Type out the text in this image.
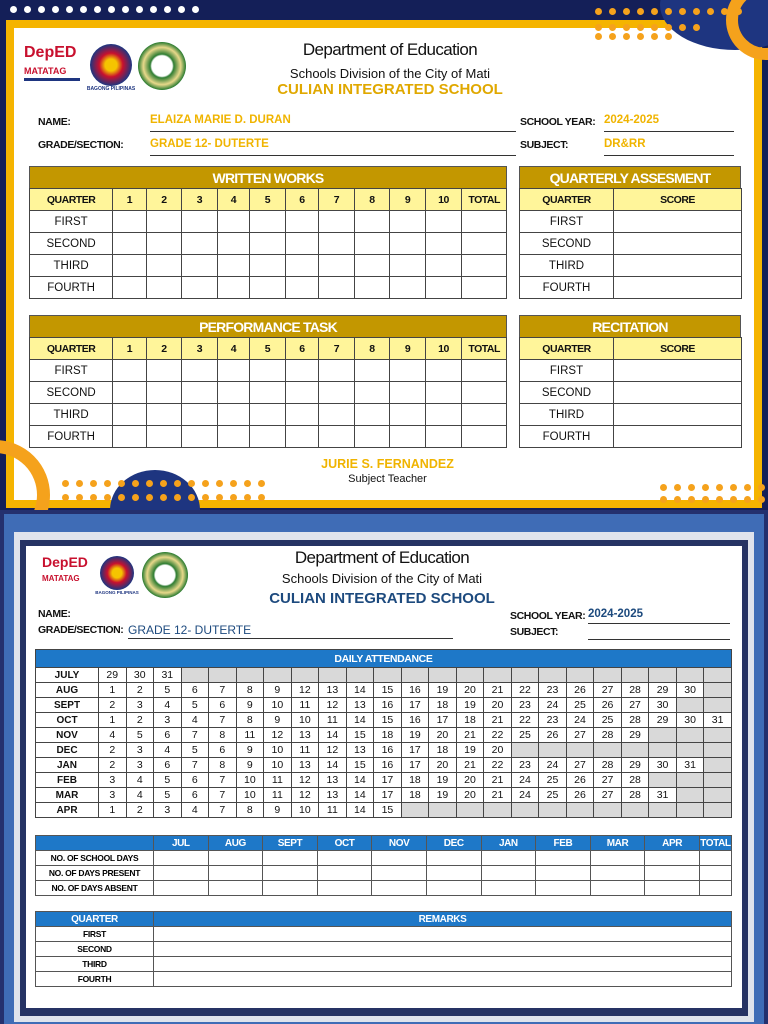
DepED
MATATAG
BAGONG PILIPINAS
Department of Education
Schools Division of the City of Mati
CULIAN INTEGRATED SCHOOL
NAME:	ELAIZA MARIE D. DURAN
GRADE/SECTION: GRADE 12- DUTERTE
SCHOOL YEAR: 2024-2025
SUBJECT:	DR&RR
WRITTEN WORKS
QUARTER	1	2	3	4	5	6	7	8	9	10	TOTAL
FIRST											
SECOND											
THIRD											
FOURTH											
QUARTERLY ASSESMENT
QUARTER	SCORE
FIRST	
SECOND	
THIRD	
FOURTH	
PERFORMANCE TASK
QUARTER	1	2	3	4	5	6	7	8	9	10	TOTAL
FIRST											
SECOND											
THIRD											
FOURTH											
RECITATION
QUARTER	SCORE
FIRST	
SECOND	
THIRD	
FOURTH	
JURIE S. FERNANDEZ
Subject Teacher
DepED
MATATAG
BAGONG PILIPINAS
Department of Education
Schools Division of the City of Mati
CULIAN INTEGRATED SCHOOL
NAME:
GRADE/SECTION: GRADE 12- DUTERTE
SCHOOL YEAR: 2024-2025
SUBJECT:
DAILY ATTENDANCE																							
JULY	29	30	31																				
AUG	1	2	5	6	7	8	9	12	13	14	15	16	19	20	21	22	23	26	27	28	29	30	
SEPT	2	3	4	5	6	9	10	11	12	13	16	17	18	19	20	23	24	25	26	27	30		
OCT	1	2	3	4	7	8	9	10	11	14	15	16	17	18	21	22	23	24	25	28	29	30	31
NOV	4	5	6	7	8	11	12	13	14	15	18	19	20	21	22	25	26	27	28	29			
DEC	2	3	4	5	6	9	10	11	12	13	16	17	18	19	20								
JAN	2	3	6	7	8	9	10	13	14	15	16	17	20	21	22	23	24	27	28	29	30	31	
FEB	3	4	5	6	7	10	11	12	13	14	17	18	19	20	21	24	25	26	27	28			
MAR	3	4	5	6	7	10	11	12	13	14	17	18	19	20	21	24	25	26	27	28	31		
APR	1	2	3	4	7	8	9	10	11	14	15												
	JUL	AUG	SEPT	OCT	NOV	DEC	JAN	FEB	MAR	APR	TOTAL
NO. OF SCHOOL DAYS											
NO. OF DAYS PRESENT											
NO. OF DAYS ABSENT											
QUARTER	REMARKS
FIRST	
SECOND	
THIRD	
FOURTH	
